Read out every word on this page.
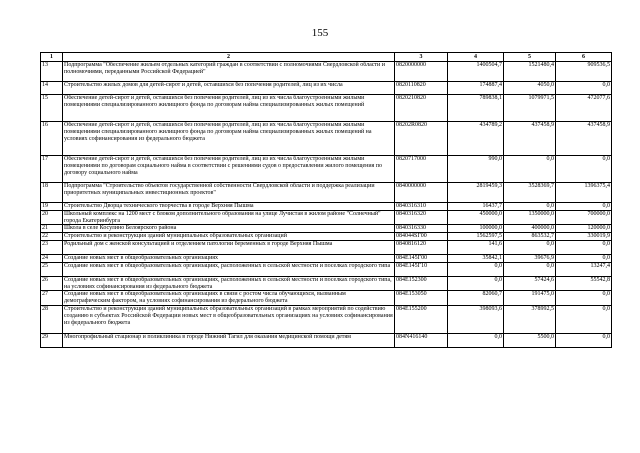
155
1	2	3	4	5	6
13	Подпрограмма "Обеспечение жильем отдельных категорий граждан в соответствии с полномочиями Свердловской области и полномочиями, переданными Российской Федерацией"	0820000000	1400504,7	1521480,4	909536,5
14	Строительство жилых домов для детей-сирот и детей, оставшихся без попечения родителей, лиц из их числа	0820110820	174887,4	4050,0	0,0
15	Обеспечение детей-сирот и детей, оставшихся без попечения родителей, лиц из их числа благоустроенными жилыми помещениями специализированного жилищного фонда по договорам найма специализированных жилых помещений	0820210820	789838,1	1079971,5	472077,6
16	Обеспечение детей-сирот и детей, оставшихся без попечения родителей, лиц из их числа благоустроенными жилыми помещениями специализированного жилищного фонда по договорам найма специализированных жилых помещений на условиях софинансирования из федерального бюджета	08202R0820	434789,2	437458,9	437458,9
17	Обеспечение детей-сирот и детей, оставшихся без попечения родителей, лиц из их числа благоустроенными жилыми помещениями по договорам социального найма в соответствии с решениями судов о предоставлении жилого помещения по договору социального найма	0820717000	990,0	0,0	0,0
18	Подпрограмма "Строительство объектов государственной собственности Свердловской области и поддержка реализации приоритетных муниципальных инвестиционных проектов"	0840000000	2819459,3	3528369,7	1396375,4
19	Строительство Дворца технического творчества в городе Верхняя Пышма	0840316310	16437,7	0,0	0,0
20	Школьный комплекс на 1200 мест с блоком дополнительного образования на улице Лучистая в жилом районе "Солнечный" города Екатеринбурга	0840316320	450000,0	1350000,0	700000,0
21	Школа в селе Косулино Белоярского района	0840316330	100000,0	400000,0	120000,0
22	Строительство и реконструкция зданий муниципальных образовательных организаций	084044SГ00	1562597,5	863532,7	330019,9
23	Родильный дом с женской консультацией и отделением патологии беременных в городе Верхняя Пышма	0840816120	141,6	0,0	0,0
24	Создание новых мест в общеобразовательных организациях	084E145Г00	35842,1	39676,9	0,0
25	Создание новых мест в общеобразовательных организациях, расположенных в сельской местности и поселках городского типа	084E145Г10	0,0	0,0	13247,4
26	Создание новых мест в общеобразовательных организациях, расположенных в сельской местности и поселках городского типа, на условиях софинансирования из федерального бюджета	084E152300	0,0	57424,6	55542,8
27	Создание новых мест в общеобразовательных организациях в связи с ростом числа обучающихся, вызванным демографическим фактором, на условиях софинансирования из федерального бюджета	084E153050	82060,7	191475,0	0,0
28	Строительство и реконструкция зданий муниципальных образовательных организаций в рамках мероприятий по содействию созданию в субъектах Российской Федерации новых мест в общеобразовательных организациях на условиях софинансирования из федерального бюджета	084E155200	398093,6	378992,5	0,0
29	Многопрофильный стационар и поликлиника в городе Нижний Тагил для оказания медицинской помощи детям	084N416140	0,0	5500,0	0,0
